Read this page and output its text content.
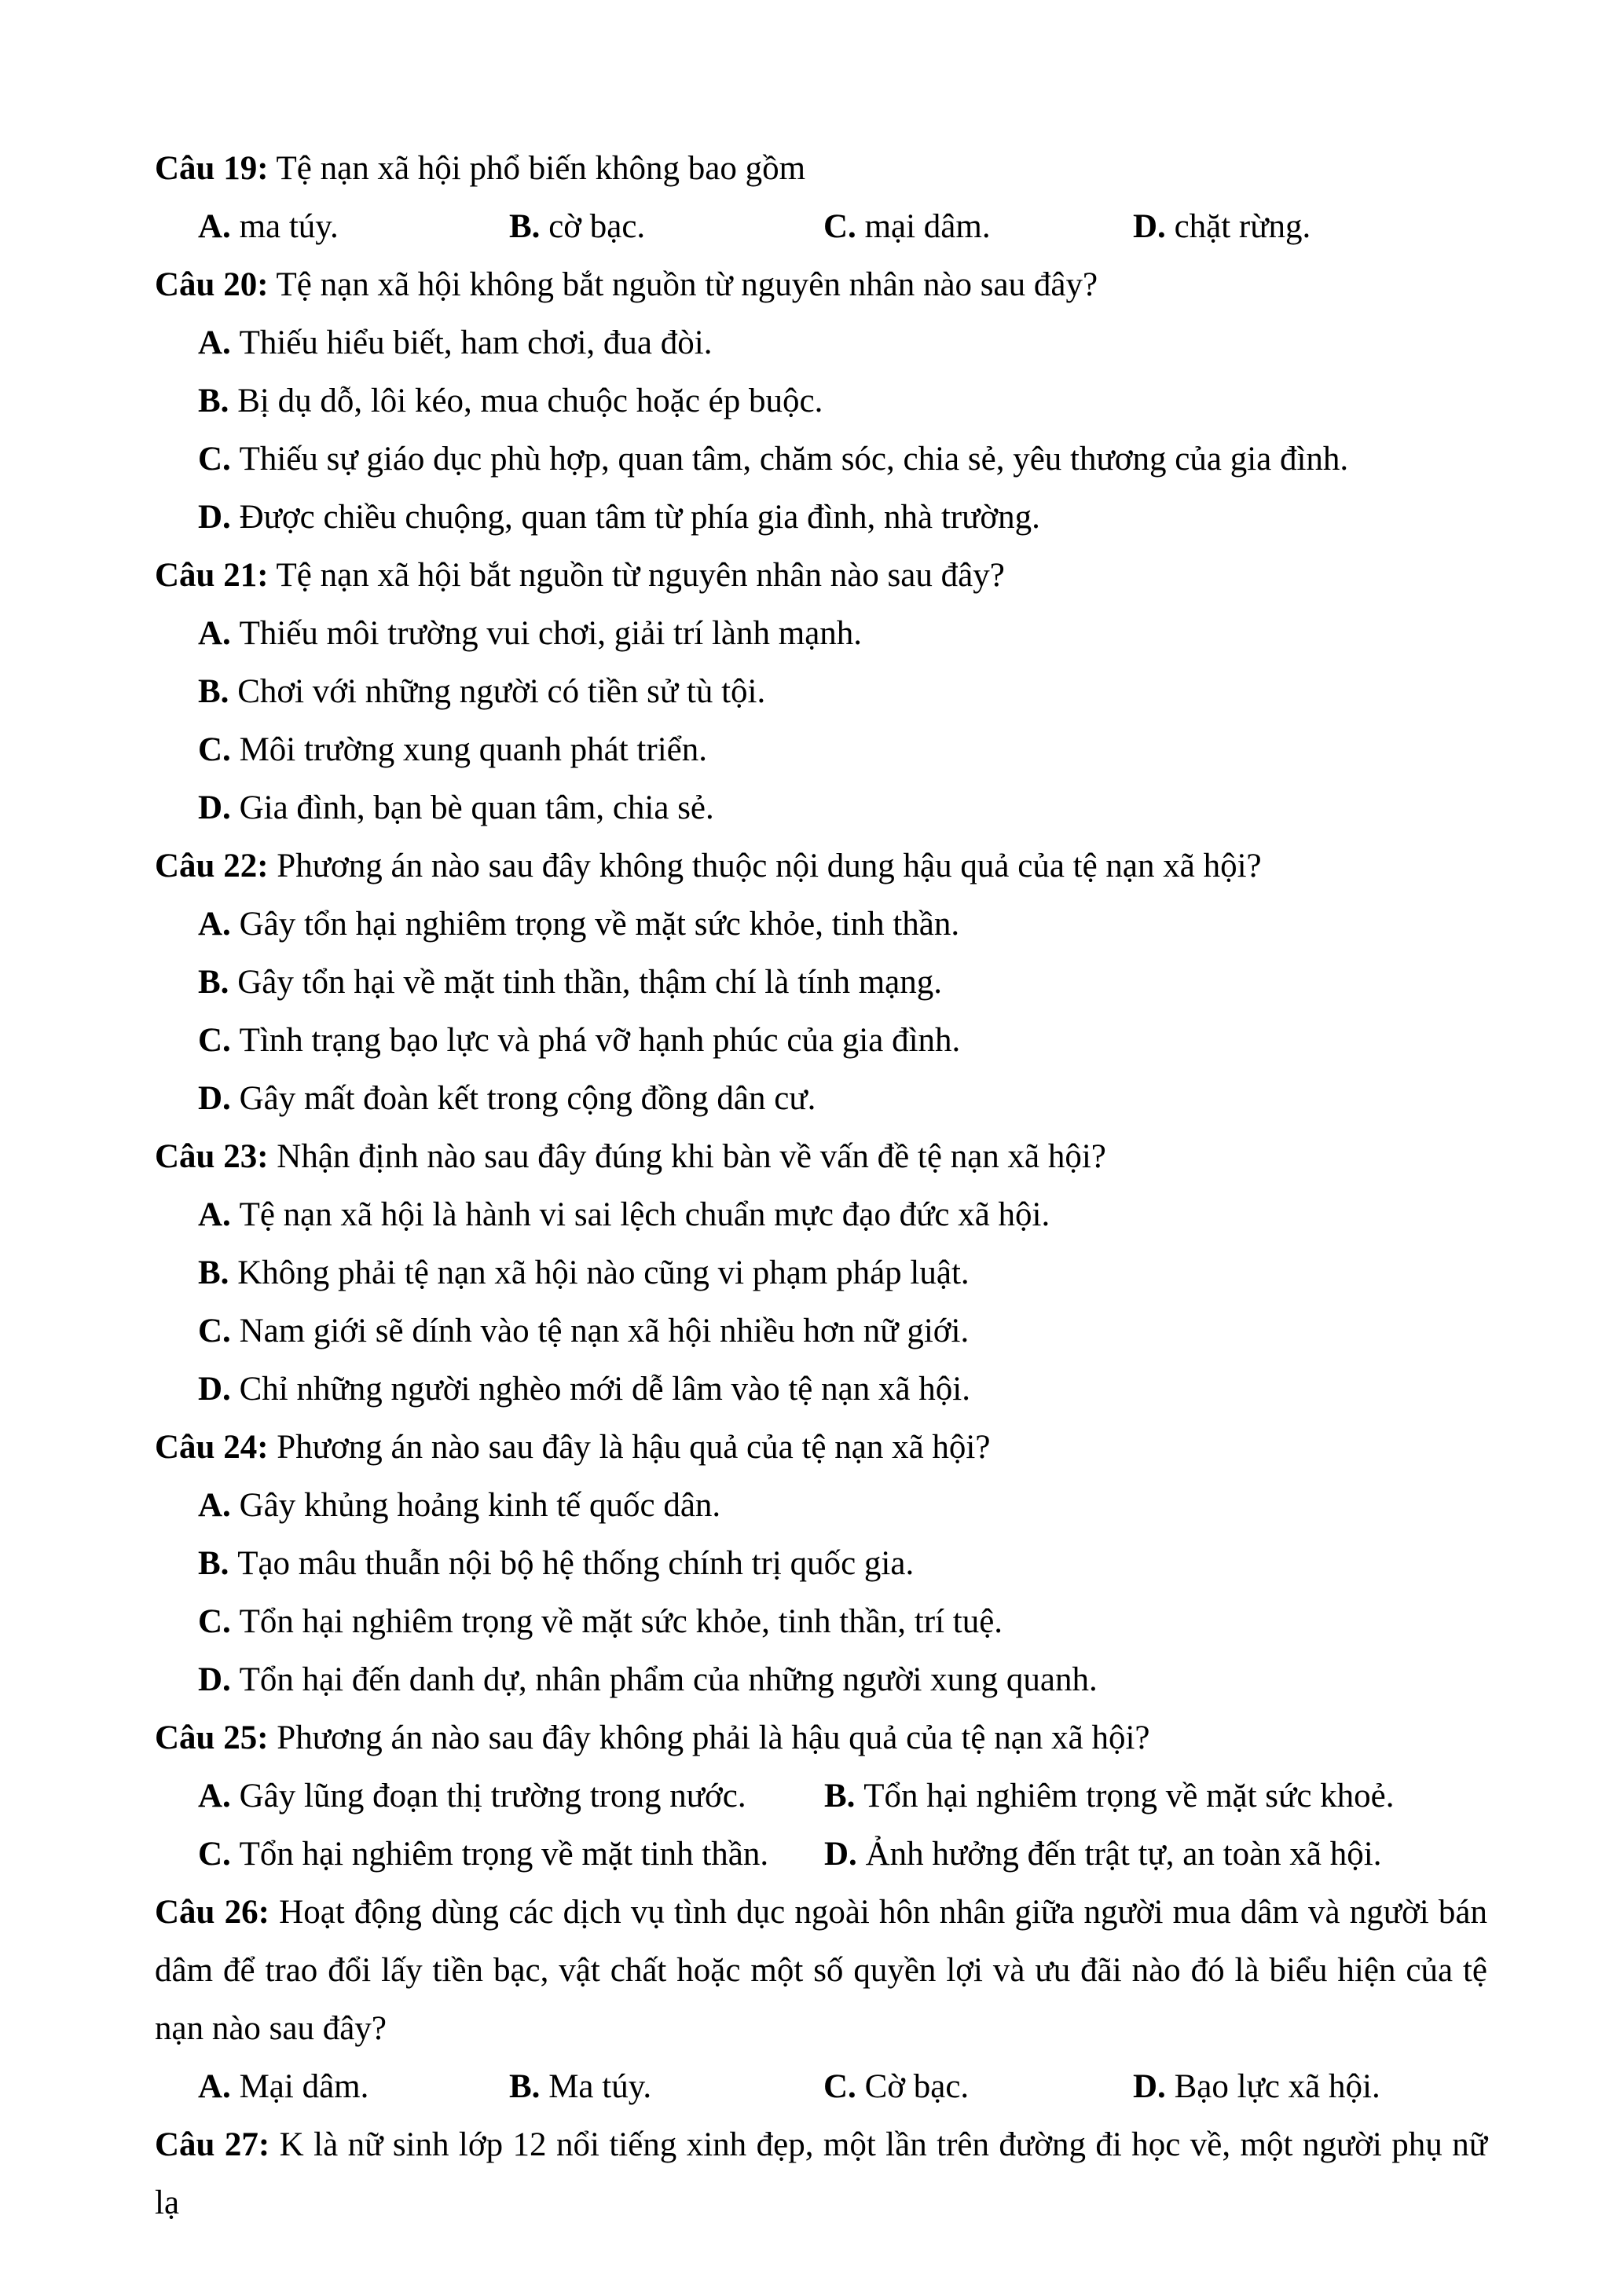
Câu 19: Tệ nạn xã hội phổ biến không bao gồm

A. ma túy.	B. cờ bạc.	C. mại dâm.	D. chặt rừng.

Câu 20: Tệ nạn xã hội không bắt nguồn từ nguyên nhân nào sau đây?

A. Thiếu hiểu biết, ham chơi, đua đòi.
B. Bị dụ dỗ, lôi kéo, mua chuộc hoặc ép buộc.
C. Thiếu sự giáo dục phù hợp, quan tâm, chăm sóc, chia sẻ, yêu thương của gia đình.
D. Được chiều chuộng, quan tâm từ phía gia đình, nhà trường.

Câu 21: Tệ nạn xã hội bắt nguồn từ nguyên nhân nào sau đây?

A. Thiếu môi trường vui chơi, giải trí lành mạnh.
B. Chơi với những người có tiền sử tù tội.
C. Môi trường xung quanh phát triển.
D. Gia đình, bạn bè quan tâm, chia sẻ.

Câu 22: Phương án nào sau đây không thuộc nội dung hậu quả của tệ nạn xã hội?

A. Gây tổn hại nghiêm trọng về mặt sức khỏe, tinh thần.
B. Gây tổn hại về mặt tinh thần, thậm chí là tính mạng.
C. Tình trạng bạo lực và phá vỡ hạnh phúc của gia đình.
D. Gây mất đoàn kết trong cộng đồng dân cư.

Câu 23: Nhận định nào sau đây đúng khi bàn về vấn đề tệ nạn xã hội?

A. Tệ nạn xã hội là hành vi sai lệch chuẩn mực đạo đức xã hội.
B. Không phải tệ nạn xã hội nào cũng vi phạm pháp luật.
C. Nam giới sẽ dính vào tệ nạn xã hội nhiều hơn nữ giới.
D. Chỉ những người nghèo mới dễ lâm vào tệ nạn xã hội.

Câu 24: Phương án nào sau đây là hậu quả của tệ nạn xã hội?

A. Gây khủng hoảng kinh tế quốc dân.
B. Tạo mâu thuẫn nội bộ hệ thống chính trị quốc gia.
C. Tổn hại nghiêm trọng về mặt sức khỏe, tinh thần, trí tuệ.
D. Tổn hại đến danh dự, nhân phẩm của những người xung quanh.

Câu 25: Phương án nào sau đây không phải là hậu quả của tệ nạn xã hội?

A. Gây lũng đoạn thị trường trong nước.	B. Tổn hại nghiêm trọng về mặt sức khoẻ.
C. Tổn hại nghiêm trọng về mặt tinh thần.	D. Ảnh hưởng đến trật tự, an toàn xã hội.

Câu 26: Hoạt động dùng các dịch vụ tình dục ngoài hôn nhân giữa người mua dâm và người bán dâm để trao đổi lấy tiền bạc, vật chất hoặc một số quyền lợi và ưu đãi nào đó là biểu hiện của tệ nạn nào sau đây?

A. Mại dâm.	B. Ma túy.	C. Cờ bạc.	D. Bạo lực xã hội.

Câu 27: K là nữ sinh lớp 12 nổi tiếng xinh đẹp, một lần trên đường đi học về, một người phụ nữ lạ
